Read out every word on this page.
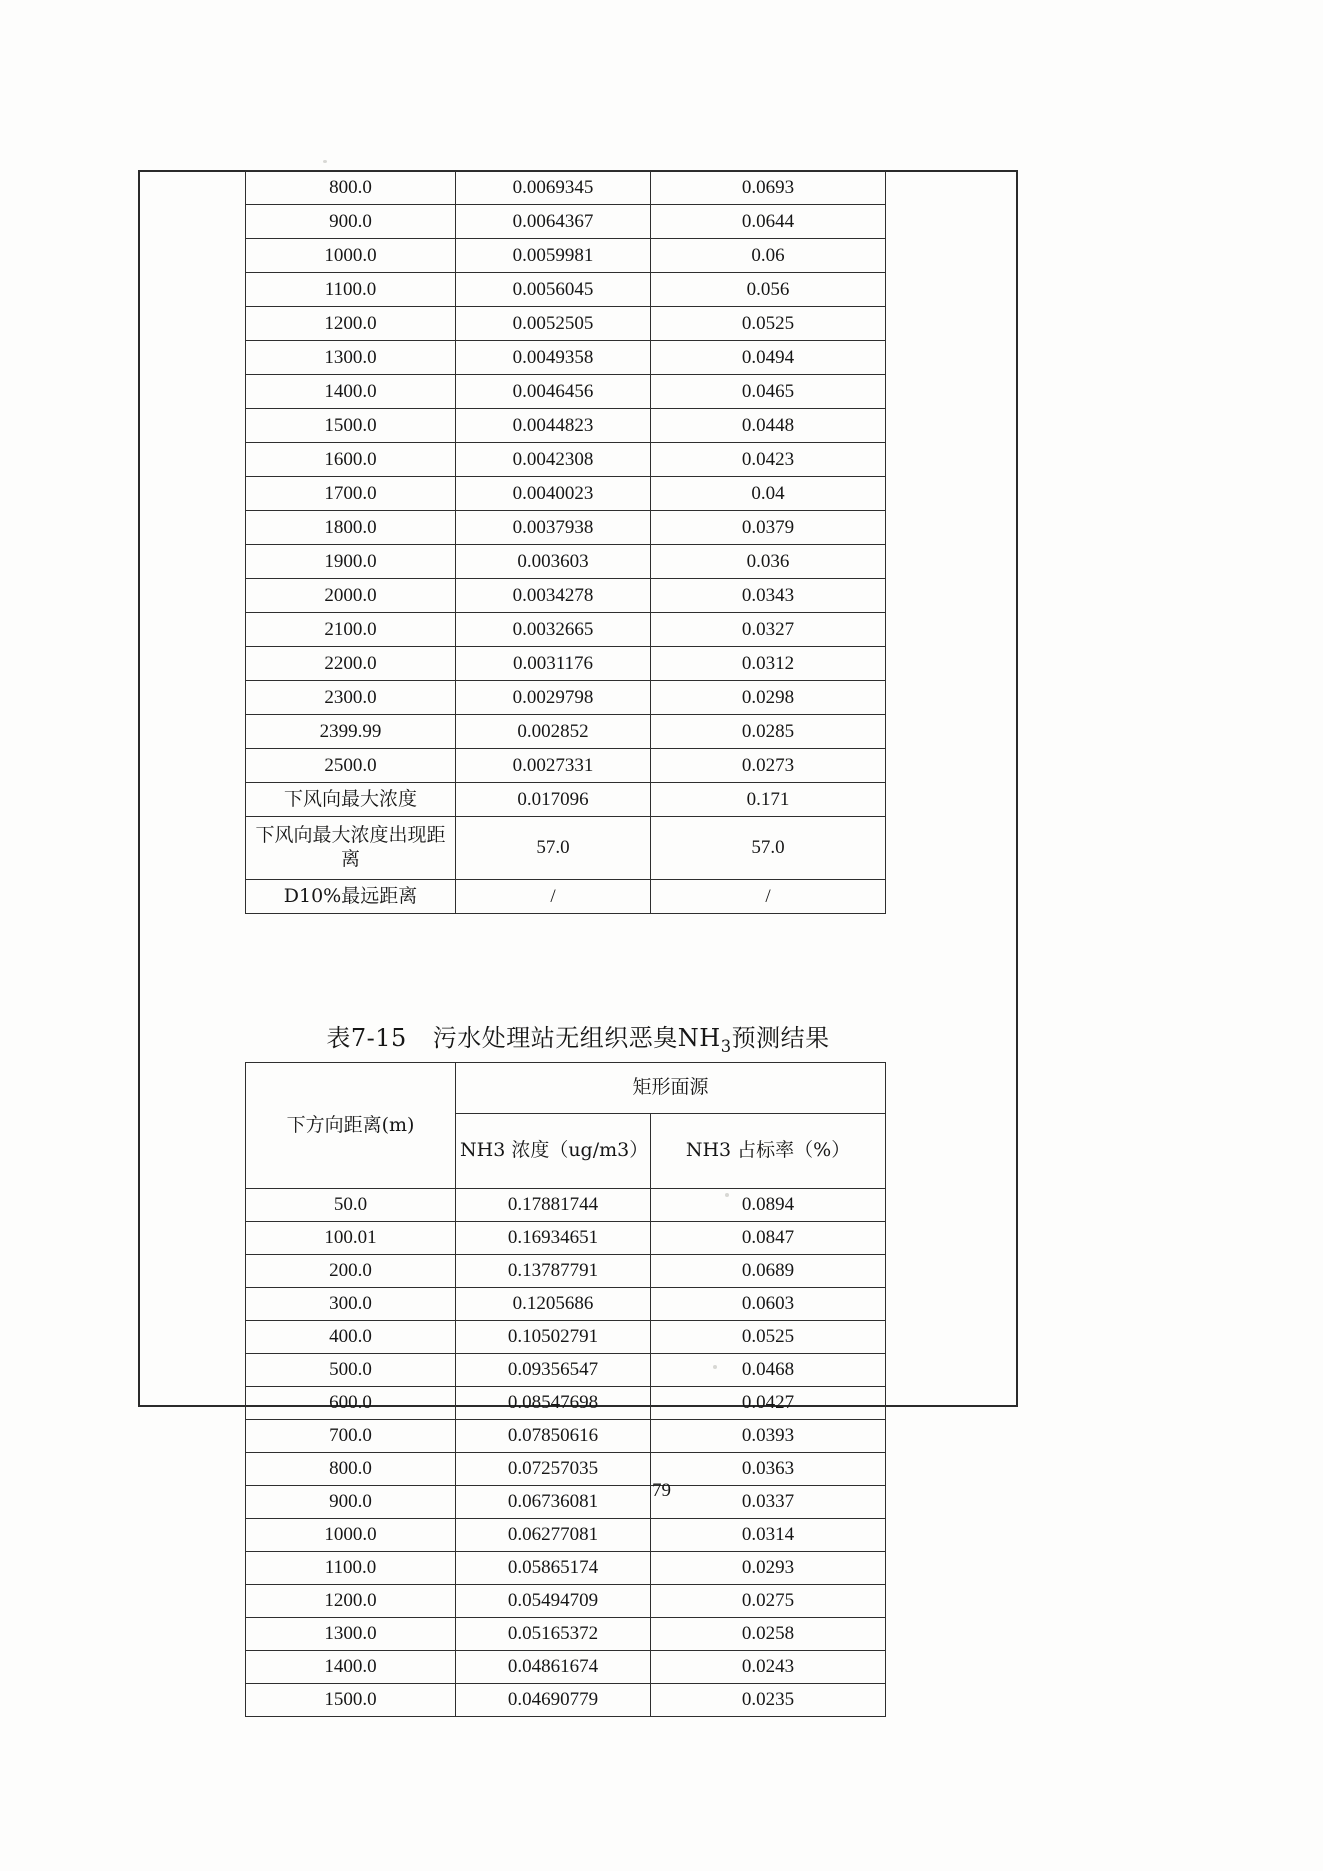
800.0	0.0069345	0.0693
900.0	0.0064367	0.0644
1000.0	0.0059981	0.06
1100.0	0.0056045	0.056
1200.0	0.0052505	0.0525
1300.0	0.0049358	0.0494
1400.0	0.0046456	0.0465
1500.0	0.0044823	0.0448
1600.0	0.0042308	0.0423
1700.0	0.0040023	0.04
1800.0	0.0037938	0.0379
1900.0	0.003603	0.036
2000.0	0.0034278	0.0343
2100.0	0.0032665	0.0327
2200.0	0.0031176	0.0312
2300.0	0.0029798	0.0298
2399.99	0.002852	0.0285
2500.0	0.0027331	0.0273
下风向最大浓度	0.017096	0.171
下风向最大浓度出现距离	57.0	57.0
D10%最远距离	/	/
表7-15 污水处理站无组织恶臭$NH_3$预测结果
下方向距离(m)	矩形面源	
	NH3 浓度（ug/m3）	NH3 占标率（%）
50.0	0.17881744	0.0894
100.01	0.16934651	0.0847
200.0	0.13787791	0.0689
300.0	0.1205686	0.0603
400.0	0.10502791	0.0525
500.0	0.09356547	0.0468
600.0	0.08547698	0.0427
700.0	0.07850616	0.0393
800.0	0.07257035	0.0363
900.0	0.06736081	0.0337
1000.0	0.06277081	0.0314
1100.0	0.05865174	0.0293
1200.0	0.05494709	0.0275
1300.0	0.05165372	0.0258
1400.0	0.04861674	0.0243
1500.0	0.04690779	0.0235
79
